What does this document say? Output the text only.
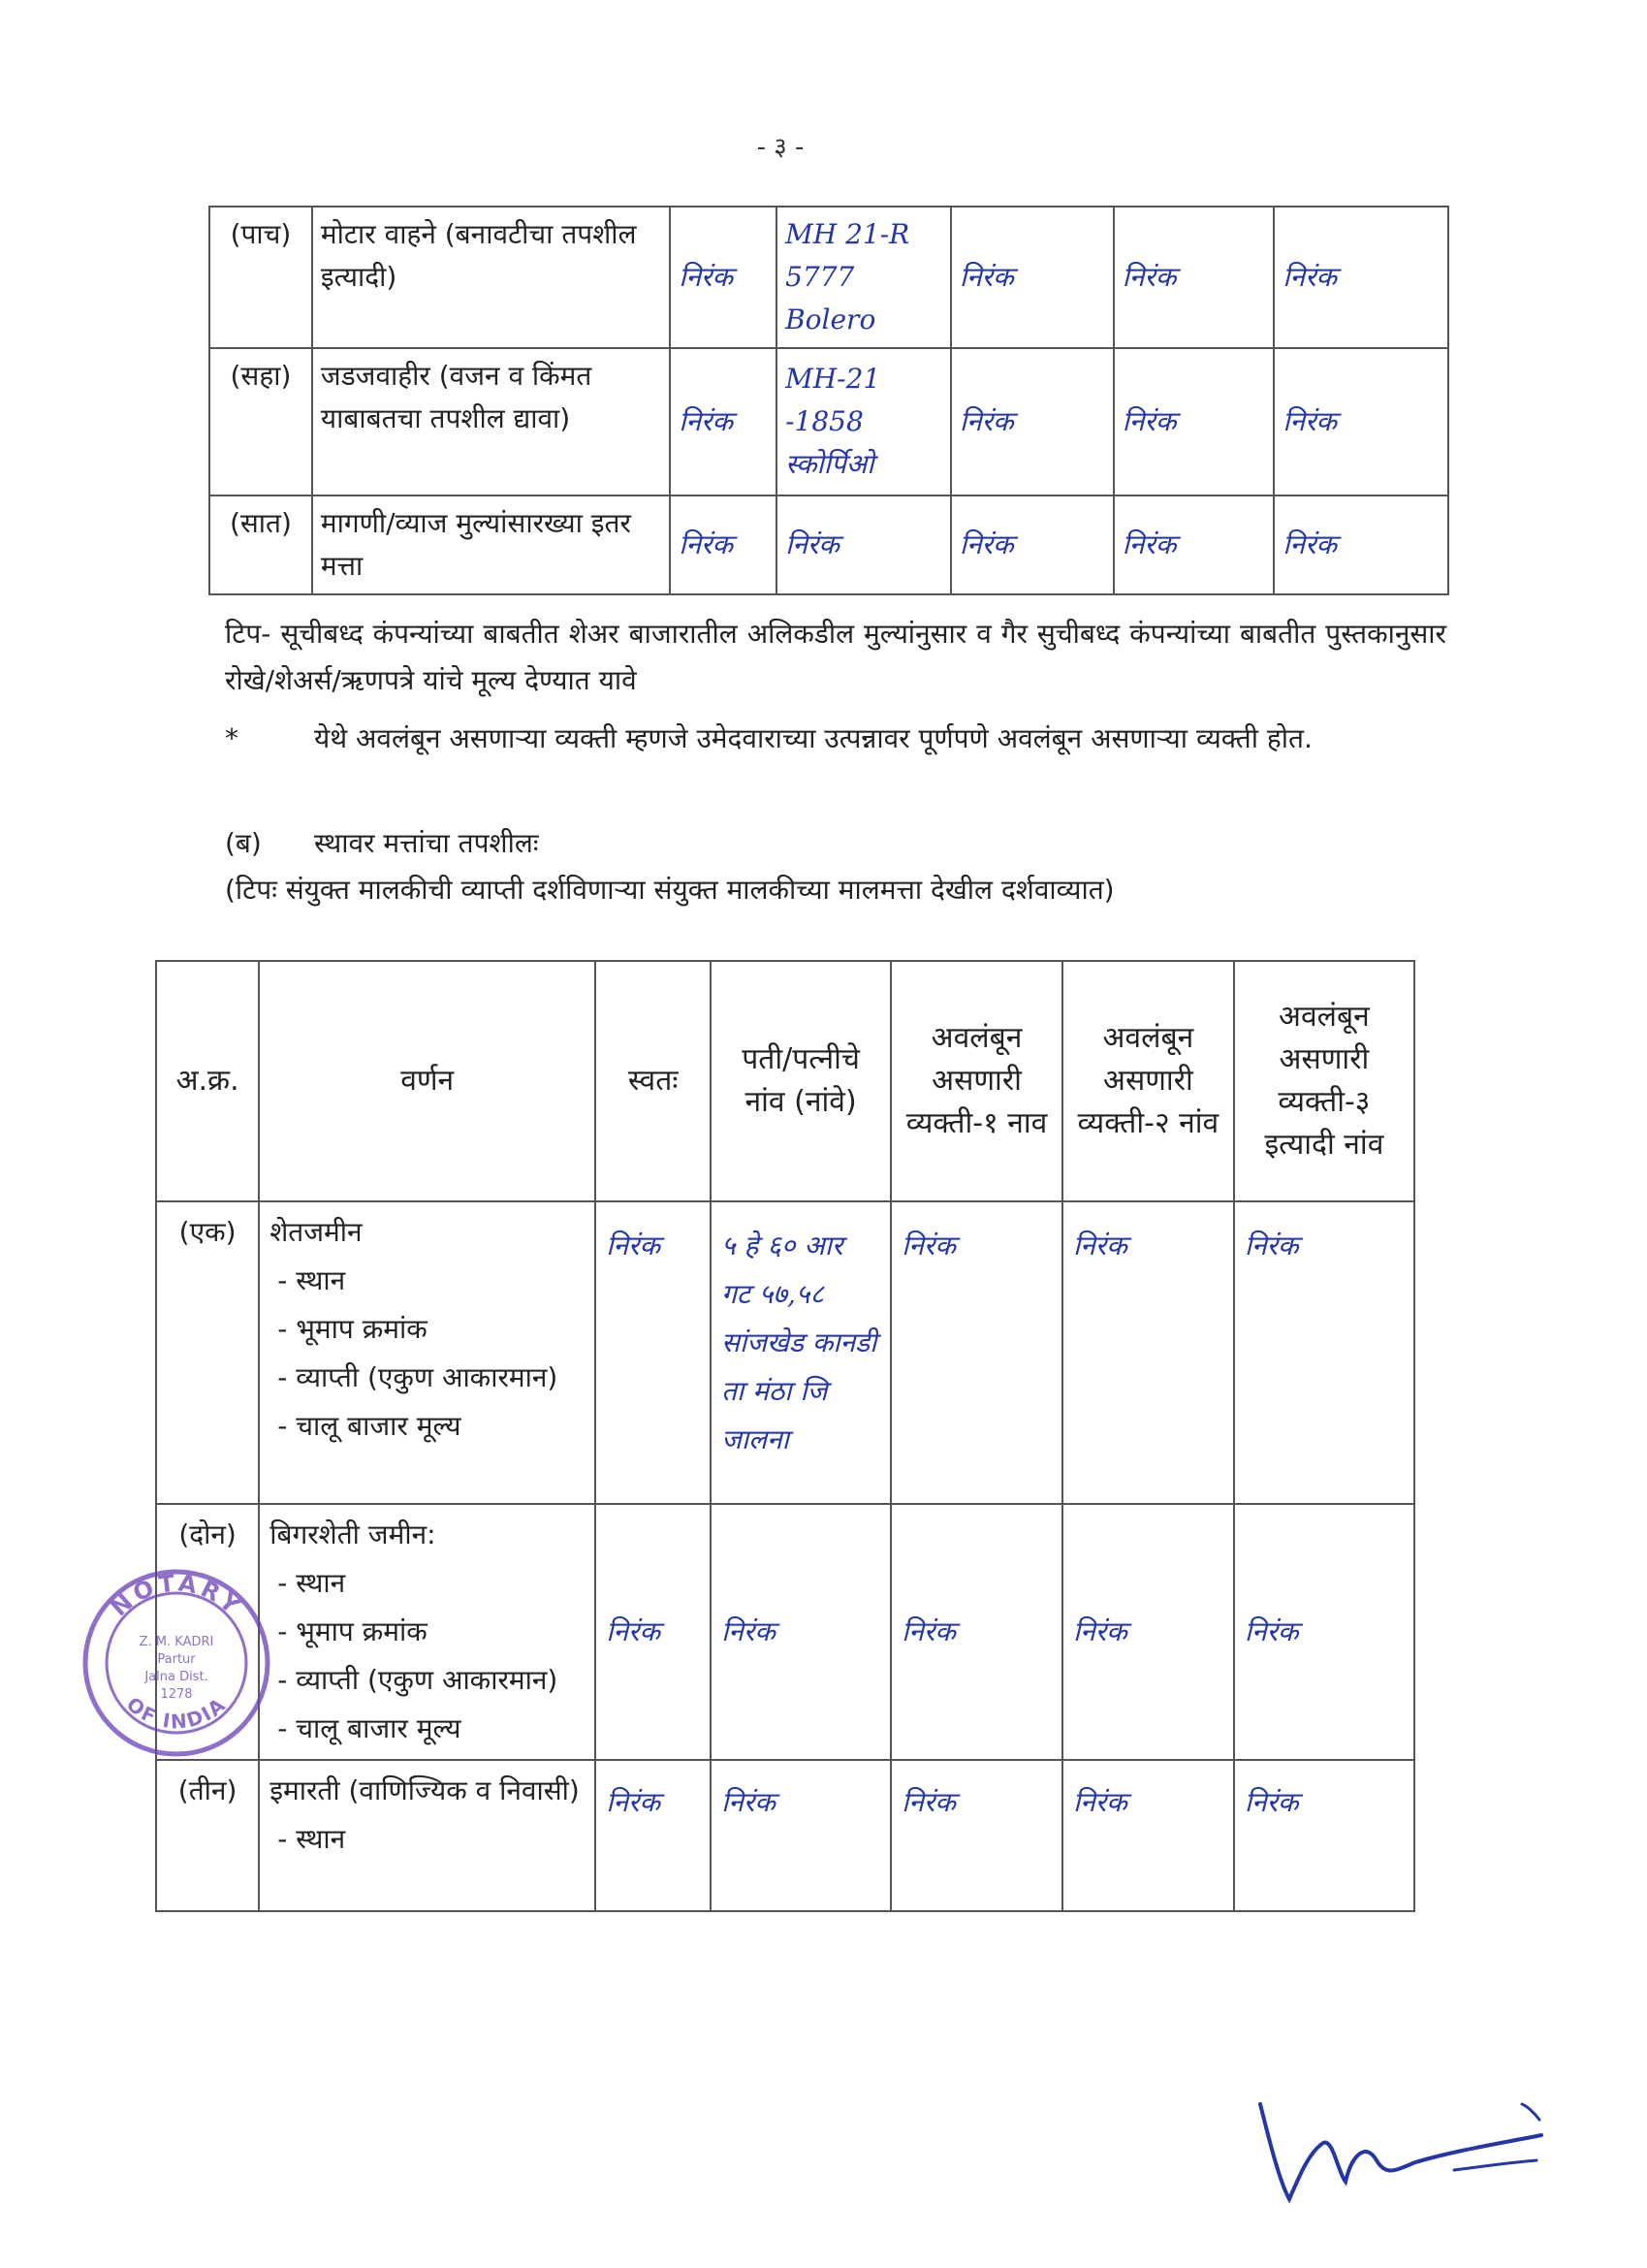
- ३ -
(पाच)	मोटार वाहने (बनावटीचा तपशील इत्यादी)	निरंक	MH 21-R 5777 Bolero	निरंक	निरंक	निरंक
(सहा)	जडजवाहीर (वजन व किंमत याबाबतचा तपशील द्यावा)	निरंक	MH-21 -1858 स्कोर्पिओ	निरंक	निरंक	निरंक
(सात)	मागणी/व्याज मुल्यांसारख्या इतर मत्ता	निरंक	निरंक	निरंक	निरंक	निरंक
टिप- सूचीबध्द कंपन्यांच्या बाबतीत शेअर बाजारातील अलिकडील मुल्यांनुसार व गैर सुचीबध्द कंपन्यांच्या बाबतीत पुस्तकानुसार रोखे/शेअर्स/ऋणपत्रे यांचे मूल्य देण्यात यावे
*	येथे अवलंबून असणाऱ्या व्यक्ती म्हणजे उमेदवाराच्या उत्पन्नावर पूर्णपणे अवलंबून असणाऱ्या व्यक्ती होत.
(ब) स्थावर मत्तांचा तपशीलः
(टिपः संयुक्त मालकीची व्याप्ती दर्शविणाऱ्या संयुक्त मालकीच्या मालमत्ता देखील दर्शवाव्यात)
अ.क्र.	वर्णन	स्वतः	पती/पत्नीचे नांव (नांवे)	अवलंबून असणारी व्यक्ती-१ नाव	अवलंबून असणारी व्यक्ती-२ नांव	अवलंबून असणारी व्यक्ती-३ इत्यादी नांव
(एक)	शेतजमीन
- स्थान
- भूमाप क्रमांक
- व्याप्ती (एकुण आकारमान)
- चालू बाजार मूल्य	निरंक	५ हे ६० आर गट ५७,५८ सांजखेड कानडी ता मंठा जि जालना	निरंक	निरंक	निरंक
(दोन)	बिगरशेती जमीन:
- स्थान
- भूमाप क्रमांक
- व्याप्ती (एकुण आकारमान)
- चालू बाजार मूल्य	निरंक	निरंक	निरंक	निरंक	निरंक
(तीन)	इमारती (वाणिज्यिक व निवासी)
- स्थान	निरंक	निरंक	निरंक	निरंक	निरंक
NOTARY
OF INDIA
Z. M. KADRI
Partur
Jalna Dist.
1278
